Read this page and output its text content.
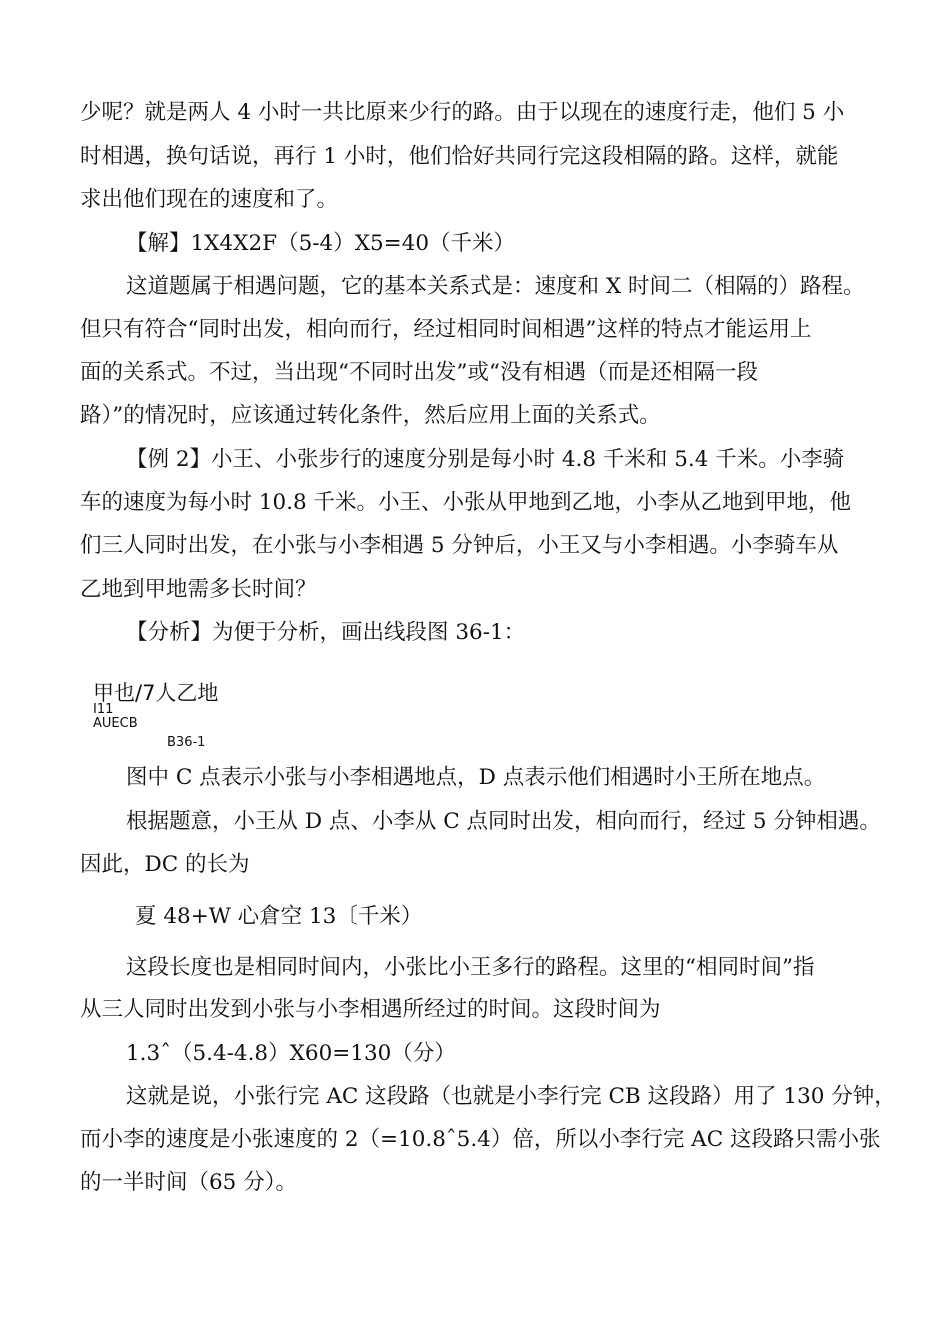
少呢？就是两人 4 小时一共比原来少行的路。由于以现在的速度行走，他们 5 小
时相遇，换句话说，再行 1 小时，他们恰好共同行完这段相隔的路。这样，就能
求出他们现在的速度和了。
【解】1X4X2F（5-4）X5=40（千米）
这道题属于相遇问题，它的基本关系式是：速度和 X 时间二（相隔的）路程。
但只有符合“同时出发，相向而行，经过相同时间相遇”这样的特点才能运用上
面的关系式。不过，当出现“不同时出发”或“没有相遇（而是还相隔一段
路）”的情况时，应该通过转化条件，然后应用上面的关系式。
【例 2】小王、小张步行的速度分别是每小时 4.8 千米和 5.4 千米。小李骑
车的速度为每小时 10.8 千米。小王、小张从甲地到乙地，小李从乙地到甲地，他
们三人同时出发，在小张与小李相遇 5 分钟后，小王又与小李相遇。小李骑车从
乙地到甲地需多长时间？
【分析】为便于分析，画出线段图 36-1：
甲也/7人乙地
I11
AUECB
B36-1
图中 C 点表示小张与小李相遇地点，D 点表示他们相遇时小王所在地点。
根据题意，小王从 D 点、小李从 C 点同时出发，相向而行，经过 5 分钟相遇。
因此，DC 的长为
夏 48+W 心倉空 13〔千米）
这段长度也是相同时间内，小张比小王多行的路程。这里的“相同时间”指
从三人同时出发到小张与小李相遇所经过的时间。这段时间为
1.3ˆ（5.4-4.8）X60=130（分）
这就是说，小张行完 AC 这段路（也就是小李行完 CB 这段路）用了 130 分钟，
而小李的速度是小张速度的 2（=10.8ˆ5.4）倍，所以小李行完 AC 这段路只需小张
的一半时间（65 分）。
